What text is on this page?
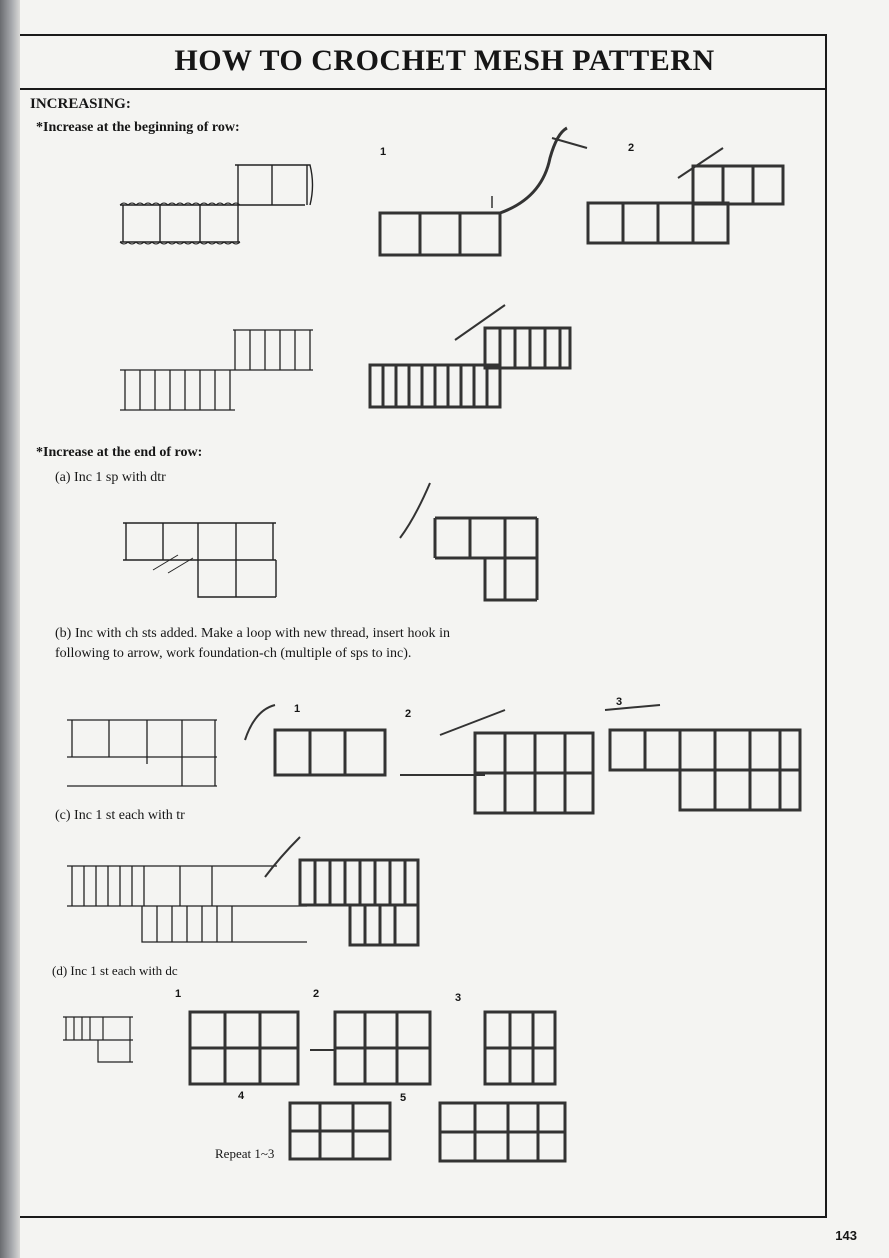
HOW TO CROCHET MESH PATTERN
INCREASING:
*Increase at the beginning of row:
*Increase at the end of row:
(a) Inc 1 sp with dtr
(b) Inc with ch sts added. Make a loop with new thread, insert hook in following to arrow, work foundation-ch (multiple of sps to inc).
(c) Inc 1 st each with tr
(d) Inc 1 st each with dc
Repeat 1~3
1	2
1	2
3
1	2	3
4	5
143
